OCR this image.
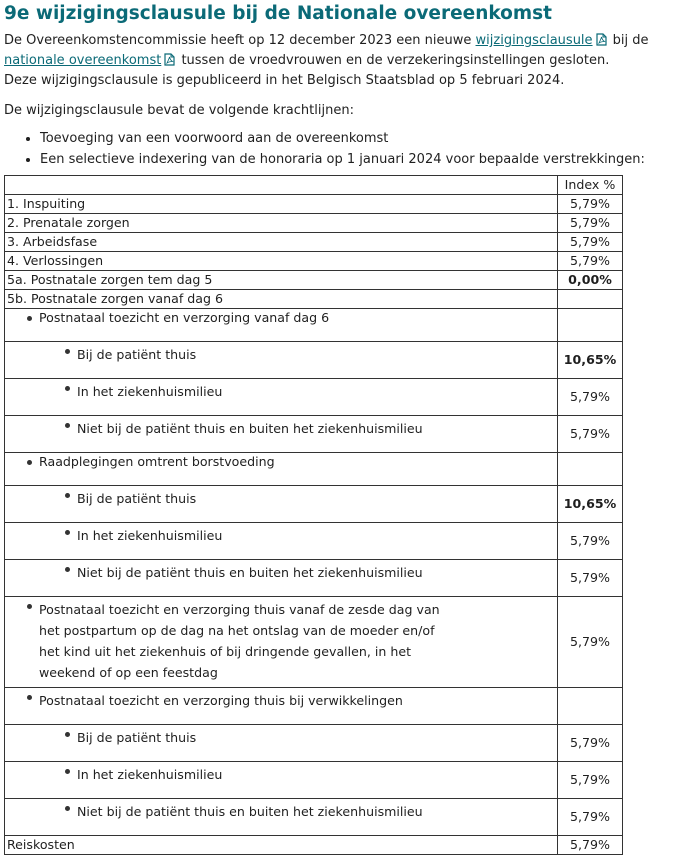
9e wijzigingsclausule bij de Nationale overeenkomst

De Overeenkomstencommissie heeft op 12 december 2023 een nieuwe wijzigingsclausule bij de
nationale overeenkomst tussen de vroedvrouwen en de verzekeringsinstellingen gesloten.
Deze wijzigingsclausule is gepubliceerd in het Belgisch Staatsblad op 5 februari 2024.

De wijzigingsclausule bevat de volgende krachtlijnen:

• Toevoeging van een voorwoord aan de overeenkomst
• Een selectieve indexering van de honoraria op 1 januari 2024 voor bepaalde verstrekkingen:
	Index %
1. Inspuiting	5,79%
2. Prenatale zorgen	5,79%
3. Arbeidsfase	5,79%
4. Verlossingen	5,79%
5a. Postnatale zorgen tem dag 5	0,00%
5b. Postnatale zorgen vanaf dag 6	
Postnataal toezicht en verzorging vanaf dag 6	
Bij de patiënt thuis	10,65%
In het ziekenhuismilieu	5,79%
Niet bij de patiënt thuis en buiten het ziekenhuismilieu	5,79%
Raadplegingen omtrent borstvoeding	
Bij de patiënt thuis	10,65%
In het ziekenhuismilieu	5,79%
Niet bij de patiënt thuis en buiten het ziekenhuismilieu	5,79%
Postnataal toezicht en verzorging thuis vanaf de zesde dag van
het postpartum op de dag na het ontslag van de moeder en/of
het kind uit het ziekenhuis of bij dringende gevallen, in het
weekend of op een feestdag	5,79%
Postnataal toezicht en verzorging thuis bij verwikkelingen	
Bij de patiënt thuis	5,79%
In het ziekenhuismilieu	5,79%
Niet bij de patiënt thuis en buiten het ziekenhuismilieu	5,79%
Reiskosten	5,79%
